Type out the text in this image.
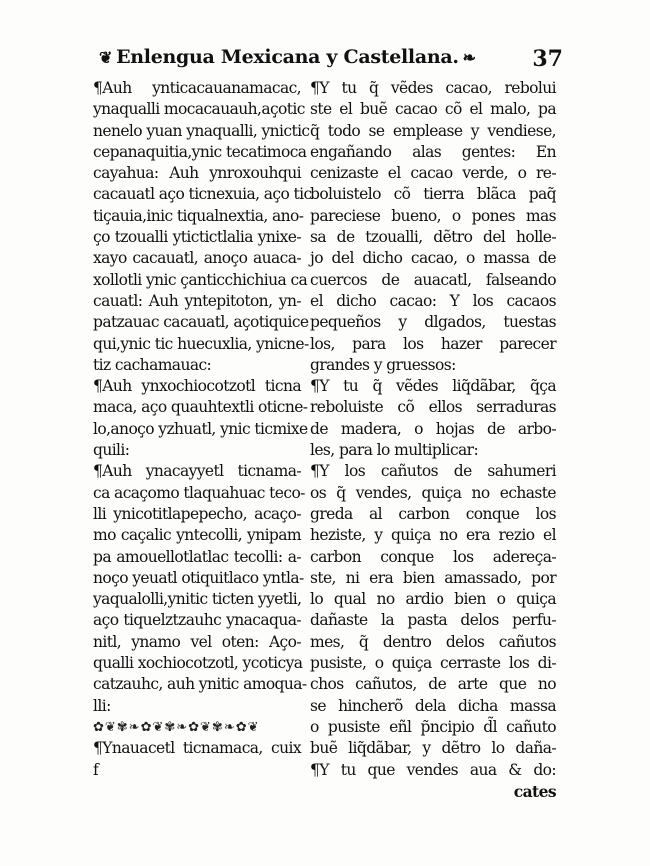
❦ Enlengua Mexicana y Castellana. ❧	37
¶Auh ynticacauanamacac,
ynaqualli mocacauauh,açotic
nenelo yuan ynaqualli, ynictic
cepanaquitia,ynic tecatimoca
cayahua: Auh ynroxouhqui
cacauatl aço ticnexuia, aço tic
tiçauia,inic tiqualnextia, ano-
ço tzoualli ytictictlalia ynixe-
xayo cacauatl, anoço auaca-
xollotli ynic çanticchichiua ca
cauatl: Auh yntepitoton, yn-
patzauac cacauatl, açotiquice
qui,ynic tic huecuxlia, ynicne-
tiz cachamauac:
¶Auh ynxochiocotzotl ticna
maca, aço quauhtextli oticne-
lo,anoço yzhuatl, ynic ticmixe
quili:
¶Auh ynacayyetl ticnama-
ca acaçomo tlaquahuac teco-
lli ynicotitlapepecho, acaço-
mo caçalic yntecolli, ynipam
pa amouellotlatlac tecolli: a-
noço yeuatl otiquitlaco yntla-
yaqualolli,ynitic ticten yyetli,
aço tiquelztzauhc ynacaqua-
nitl, ynamo vel oten: Aço-
qualli xochiocotzotl, ycoticya
catzauhc, auh ynitic amoqua-
lli:
✿❦✾❧✿❦✾❧✿❦✾❧✿❦
¶Ynauacetl ticnamaca, cuix
f
¶Y tu q̃ vẽdes cacao, rebolui
ste el buẽ cacao cõ el malo, pa
q̃ todo se emplease y vendiese,
engañando alas gentes: En
cenizaste el cacao verde, o re-
boluistelo cõ tierra blãca paq̃
pareciese bueno, o pones mas
sa de tzoualli, dẽtro del holle-
jo del dicho cacao, o massa de
cuercos de auacatl, falseando
el dicho cacao: Y los cacaos
pequeños y dlgados, tuestas
los, para los hazer parecer
grandes y gruessos:
¶Y tu q̃ vẽdes liq̃dãbar, q̃ça
reboluiste cõ ellos serraduras
de madera, o hojas de arbo-
les, para lo multiplicar:
¶Y los cañutos de sahumeri
os q̃ vendes, quiça no echaste
greda al carbon conque los
heziste, y quiça no era rezio el
carbon conque los adereça-
ste, ni era bien amassado, por
lo qual no ardio bien o quiça
dañaste la pasta delos perfu-
mes, q̃ dentro delos cañutos
pusiste, o quiça cerraste los di-
chos cañutos, de arte que no
se hincherõ dela dicha massa
o pusiste eñl p̃ncipio d̃l cañuto
buẽ liq̃dãbar, y dẽtro lo daña-
¶Y tu que vendes aua & do:
cates
